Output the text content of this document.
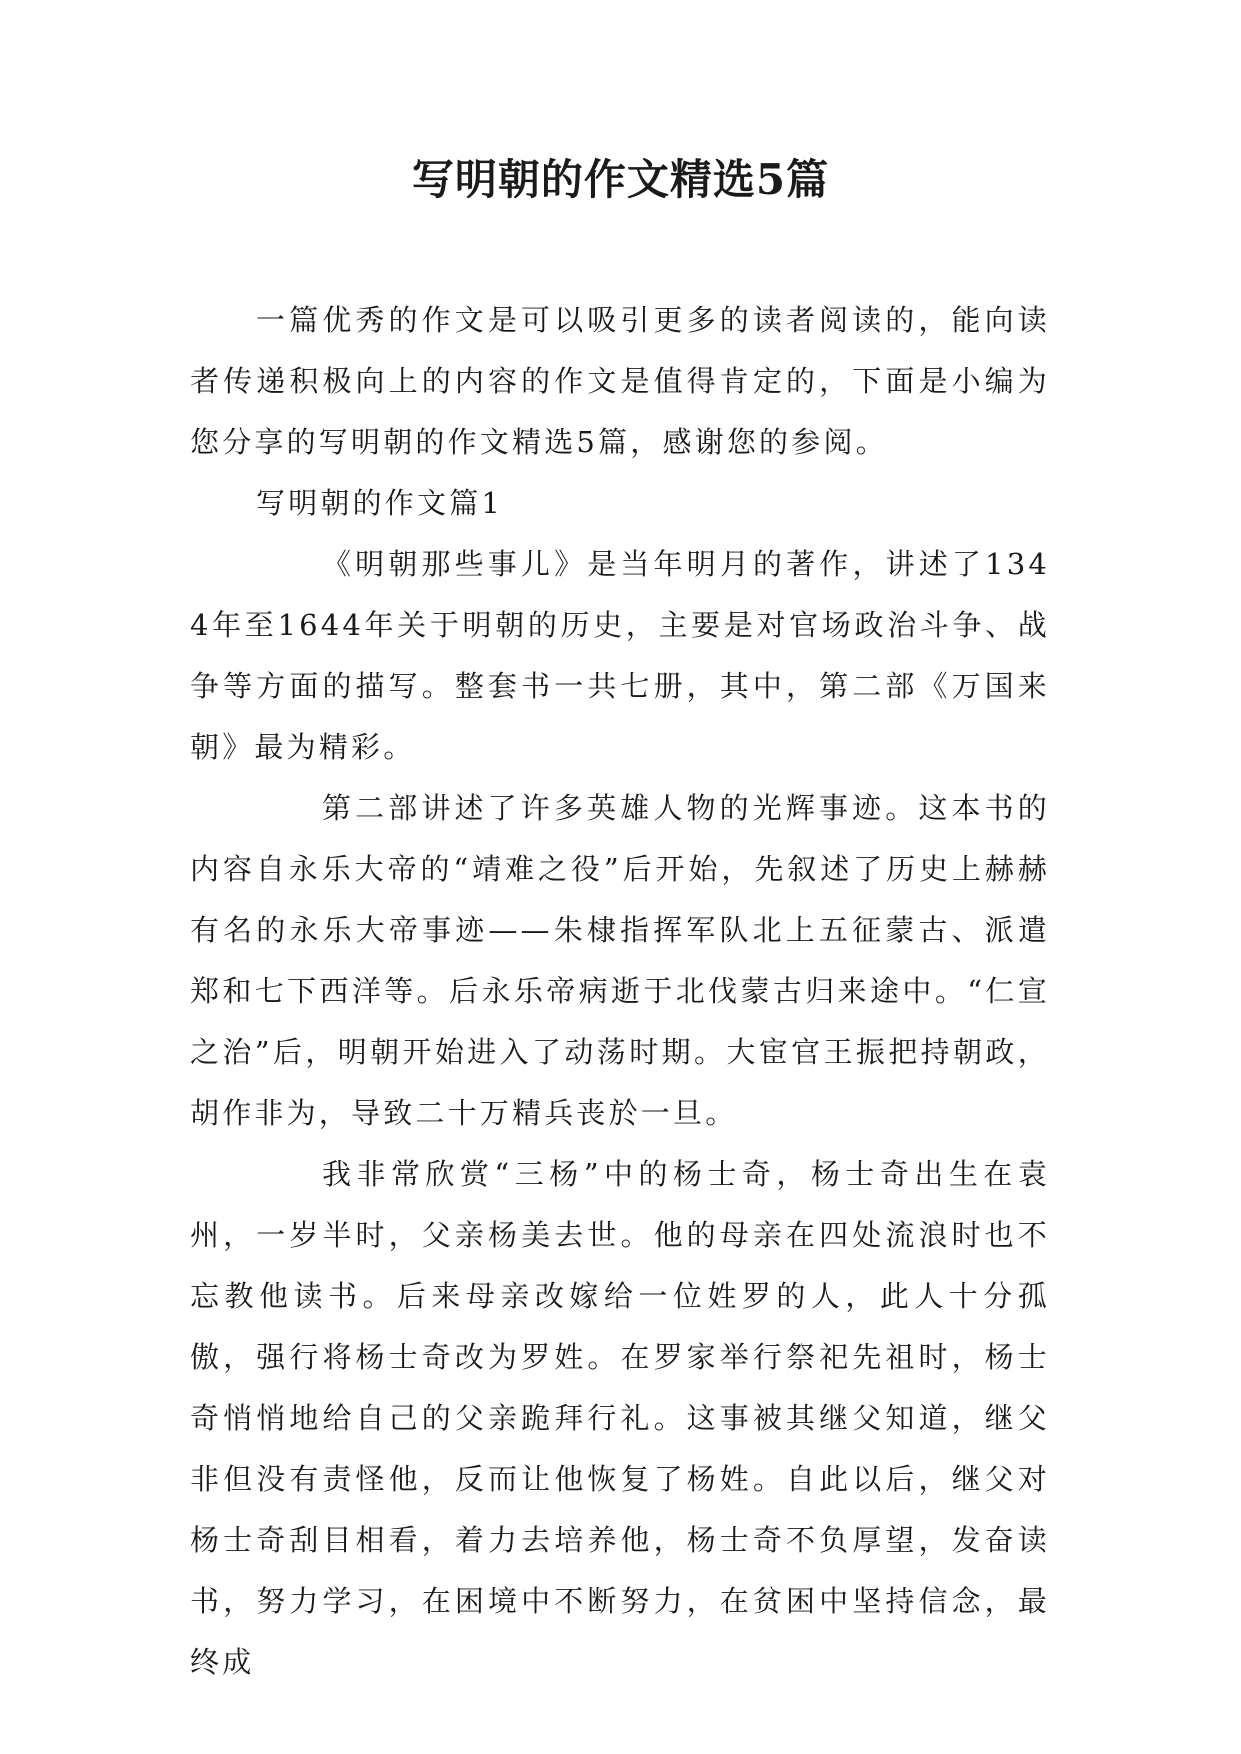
写明朝的作文精选5篇

一篇优秀的作文是可以吸引更多的读者阅读的，能向读者传递积极向上的内容的作文是值得肯定的，下面是小编为您分享的写明朝的作文精选5篇，感谢您的参阅。

写明朝的作文篇1

《明朝那些事儿》是当年明月的著作，讲述了1344年至1644年关于明朝的历史，主要是对官场政治斗争、战争等方面的描写。整套书一共七册，其中，第二部《万国来朝》最为精彩。

第二部讲述了许多英雄人物的光辉事迹。这本书的内容自永乐大帝的“靖难之役”后开始，先叙述了历史上赫赫有名的永乐大帝事迹——朱棣指挥军队北上五征蒙古、派遣郑和七下西洋等。后永乐帝病逝于北伐蒙古归来途中。“仁宣之治”后，明朝开始进入了动荡时期。大宦官王振把持朝政，胡作非为，导致二十万精兵丧於一旦。

我非常欣赏“三杨”中的杨士奇，杨士奇出生在袁州，一岁半时，父亲杨美去世。他的母亲在四处流浪时也不忘教他读书。后来母亲改嫁给一位姓罗的人，此人十分孤傲，强行将杨士奇改为罗姓。在罗家举行祭祀先祖时，杨士奇悄悄地给自己的父亲跪拜行礼。这事被其继父知道，继父非但没有责怪他，反而让他恢复了杨姓。自此以后，继父对杨士奇刮目相看，着力去培养他，杨士奇不负厚望，发奋读书，努力学习，在困境中不断努力，在贫困中坚持信念，最终成
